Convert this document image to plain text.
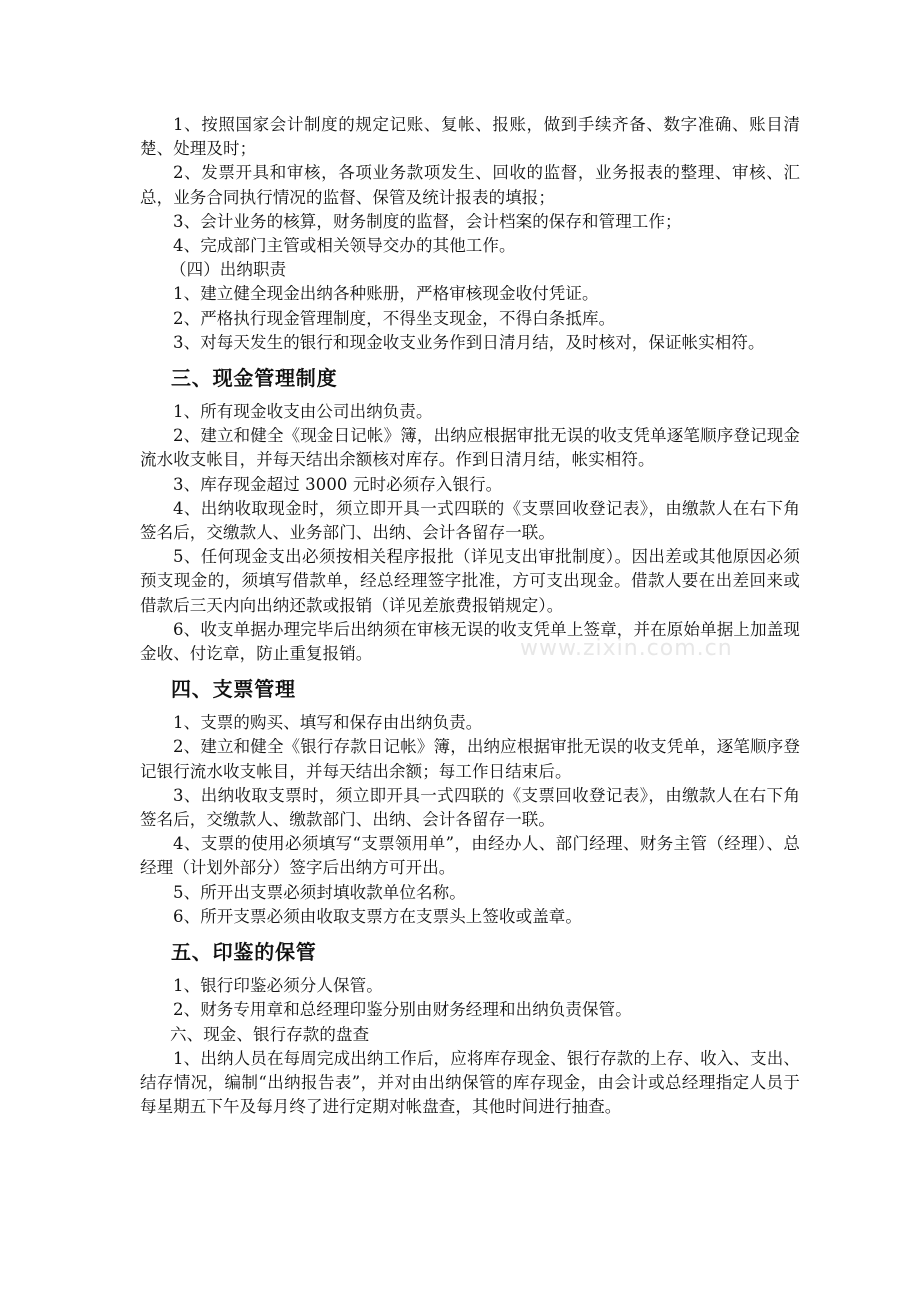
1、按照国家会计制度的规定记账、复帐、报账，做到手续齐备、数字准确、账目清楚、处理及时；

2、发票开具和审核，各项业务款项发生、回收的监督，业务报表的整理、审核、汇总，业务合同执行情况的监督、保管及统计报表的填报；

3、会计业务的核算，财务制度的监督，会计档案的保存和管理工作；

4、完成部门主管或相关领导交办的其他工作。

（四）出纳职责

1、建立健全现金出纳各种账册，严格审核现金收付凭证。

2、严格执行现金管理制度，不得坐支现金，不得白条抵库。

3、对每天发生的银行和现金收支业务作到日清月结，及时核对，保证帐实相符。

三、现金管理制度

1、所有现金收支由公司出纳负责。

2、建立和健全《现金日记帐》簿，出纳应根据审批无误的收支凭单逐笔顺序登记现金流水收支帐目，并每天结出余额核对库存。作到日清月结，帐实相符。

3、库存现金超过 3000 元时必须存入银行。

4、出纳收取现金时，须立即开具一式四联的《支票回收登记表》，由缴款人在右下角签名后，交缴款人、业务部门、出纳、会计各留存一联。

5、任何现金支出必须按相关程序报批（详见支出审批制度）。因出差或其他原因必须预支现金的，须填写借款单，经总经理签字批准，方可支出现金。借款人要在出差回来或借款后三天内向出纳还款或报销（详见差旅费报销规定）。

6、收支单据办理完毕后出纳须在审核无误的收支凭单上签章，并在原始单据上加盖现金收、付讫章，防止重复报销。

四、支票管理

1、支票的购买、填写和保存由出纳负责。

2、建立和健全《银行存款日记帐》簿，出纳应根据审批无误的收支凭单，逐笔顺序登记银行流水收支帐目，并每天结出余额；每工作日结束后。

3、出纳收取支票时，须立即开具一式四联的《支票回收登记表》，由缴款人在右下角签名后，交缴款人、缴款部门、出纳、会计各留存一联。

4、支票的使用必须填写“支票领用单”，由经办人、部门经理、财务主管（经理）、总经理（计划外部分）签字后出纳方可开出。

5、所开出支票必须封填收款单位名称。

6、所开支票必须由收取支票方在支票头上签收或盖章。

五、印鉴的保管

1、银行印鉴必须分人保管。

2、财务专用章和总经理印鉴分别由财务经理和出纳负责保管。

六、现金、银行存款的盘查

1、出纳人员在每周完成出纳工作后，应将库存现金、银行存款的上存、收入、支出、结存情况，编制“出纳报告表”，并对由出纳保管的库存现金，由会计或总经理指定人员于每星期五下午及每月终了进行定期对帐盘查，其他时间进行抽查。

www.zixin.com.cn
